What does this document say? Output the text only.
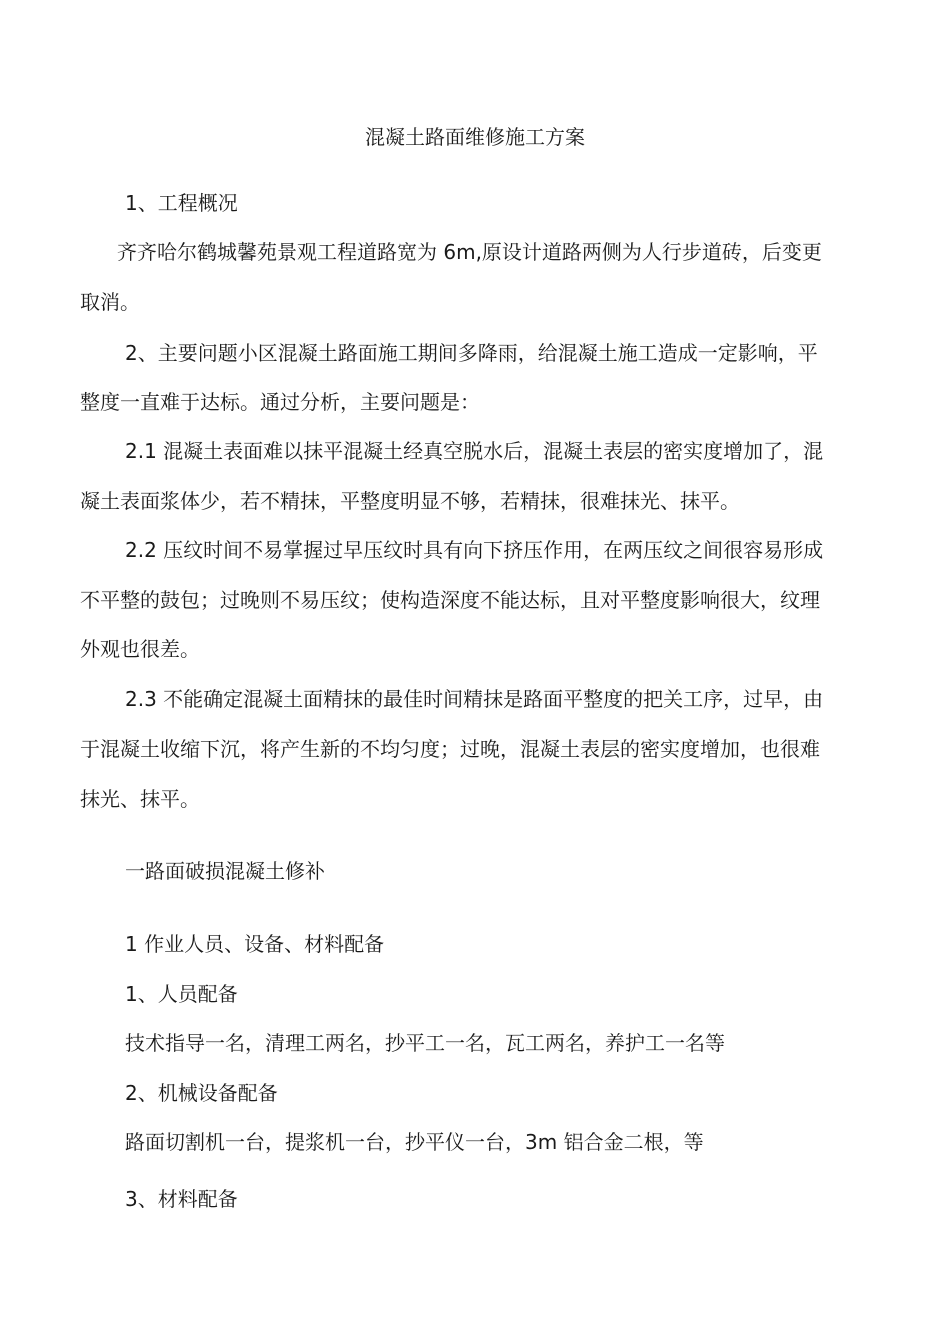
混凝土路面维修施工方案

1、工程概况

齐齐哈尔鹤城馨苑景观工程道路宽为 6m,原设计道路两侧为人行步道砖，后变更

取消。

2、主要问题小区混凝土路面施工期间多降雨，给混凝土施工造成一定影响，平

整度一直难于达标。通过分析，主要问题是：

2.1 混凝土表面难以抹平混凝土经真空脱水后，混凝土表层的密实度增加了，混

凝土表面浆体少，若不精抹，平整度明显不够，若精抹，很难抹光、抹平。

2.2 压纹时间不易掌握过早压纹时具有向下挤压作用，在两压纹之间很容易形成

不平整的鼓包；过晚则不易压纹；使构造深度不能达标，且对平整度影响很大，纹理

外观也很差。

2.3 不能确定混凝土面精抹的最佳时间精抹是路面平整度的把关工序，过早，由

于混凝土收缩下沉，将产生新的不均匀度；过晚，混凝土表层的密实度增加，也很难

抹光、抹平。

一路面破损混凝土修补

1 作业人员、设备、材料配备

1、人员配备

技术指导一名，清理工两名，抄平工一名，瓦工两名，养护工一名等

2、机械设备配备

路面切割机一台，提浆机一台，抄平仪一台，3m 铝合金二根，等

3、材料配备
